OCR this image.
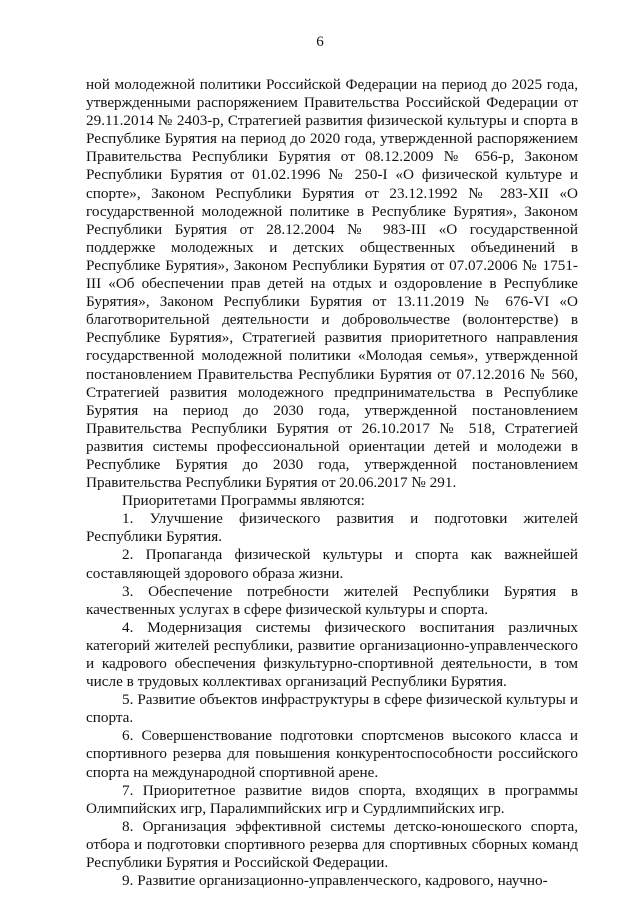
6

ной молодежной политики Российской Федерации на период до 2025 года, утвержденными распоряжением Правительства Российской Федерации от 29.11.2014 № 2403-р, Стратегией развития физической культуры и спорта в Республике Бурятия на период до 2020 года, утвержденной распоряжением Правительства Республики Бурятия от 08.12.2009 № 656-р, Законом Республики Бурятия от 01.02.1996 № 250-I «О физической культуре и спорте», Законом Республики Бурятия от 23.12.1992 № 283-XII «О государственной молодежной политике в Республике Бурятия», Законом Республики Бурятия от 28.12.2004 № 983-III «О государственной поддержке молодежных и детских общественных объединений в Республике Бурятия», Законом Республики Бурятия от 07.07.2006 № 1751-III «Об обеспечении прав детей на отдых и оздоровление в Республике Бурятия», Законом Республики Бурятия от 13.11.2019 № 676-VI «О благотворительной деятельности и добровольчестве (волонтерстве) в Республике Бурятия», Стратегией развития приоритетного направления государственной молодежной политики «Молодая семья», утвержденной постановлением Правительства Республики Бурятия от 07.12.2016 № 560, Стратегией развития молодежного предпринимательства в Республике Бурятия на период до 2030 года, утвержденной постановлением Правительства Республики Бурятия от 26.10.2017 № 518, Стратегией развития системы профессиональной ориентации детей и молодежи в Республике Бурятия до 2030 года, утвержденной постановлением Правительства Республики Бурятия от 20.06.2017 № 291.

Приоритетами Программы являются:

1. Улучшение физического развития и подготовки жителей Республики Бурятия.

2. Пропаганда физической культуры и спорта как важнейшей составляющей здорового образа жизни.

3. Обеспечение потребности жителей Республики Бурятия в качественных услугах в сфере физической культуры и спорта.

4. Модернизация системы физического воспитания различных категорий жителей республики, развитие организационно-управленческого и кадрового обеспечения физкультурно-спортивной деятельности, в том числе в трудовых коллективах организаций Республики Бурятия.

5. Развитие объектов инфраструктуры в сфере физической культуры и спорта.

6. Совершенствование подготовки спортсменов высокого класса и спортивного резерва для повышения конкурентоспособности российского спорта на международной спортивной арене.

7. Приоритетное развитие видов спорта, входящих в программы Олимпийских игр, Паралимпийских игр и Сурдлимпийских игр.

8. Организация эффективной системы детско-юношеского спорта, отбора и подготовки спортивного резерва для спортивных сборных команд Республики Бурятия и Российской Федерации.

9. Развитие организационно-управленческого, кадрового, научно-
